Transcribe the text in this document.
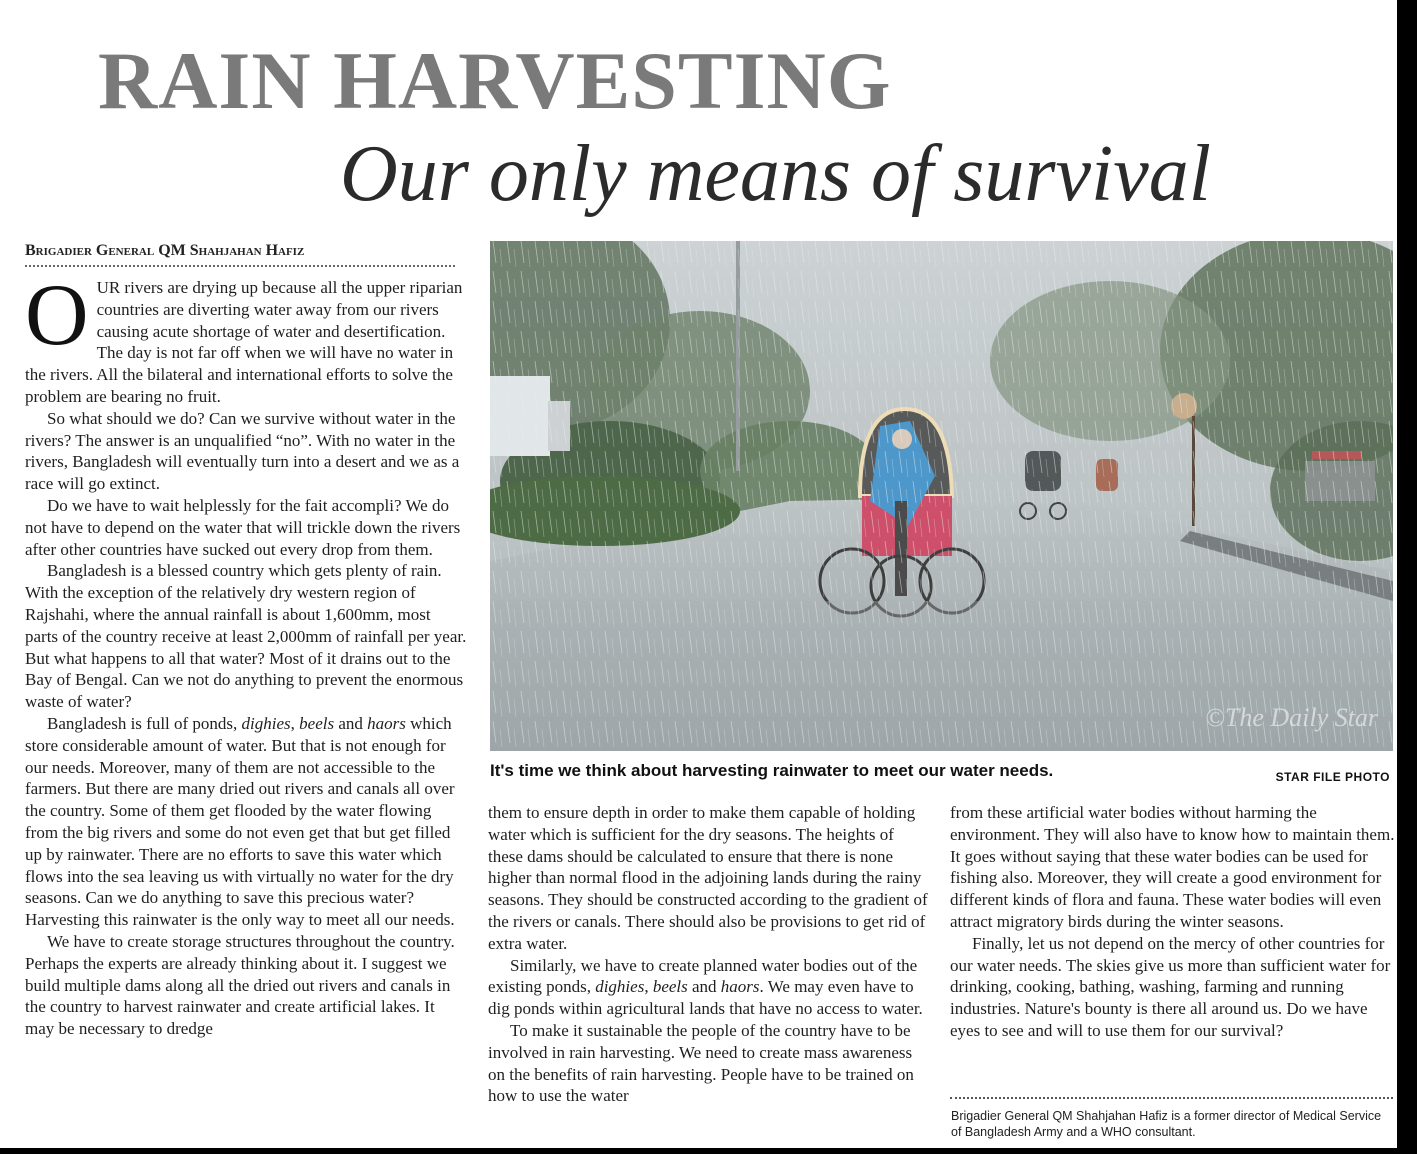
RAIN HARVESTING
Our only means of survival
Brigadier General QM Shahjahan Hafiz

OUR rivers are drying up because all the upper riparian countries are diverting water away from our rivers causing acute shortage of water and desertification. The day is not far off when we will have no water in the rivers. All the bilateral and international efforts to solve the problem are bearing no fruit.

So what should we do? Can we survive without water in the rivers? The answer is an unqualified “no”. With no water in the rivers, Bangladesh will eventually turn into a desert and we as a race will go extinct.

Do we have to wait helplessly for the fait accompli? We do not have to depend on the water that will trickle down the rivers after other countries have sucked out every drop from them.

Bangladesh is a blessed country which gets plenty of rain. With the exception of the relatively dry western region of Rajshahi, where the annual rainfall is about 1,600mm, most parts of the country receive at least 2,000mm of rainfall per year. But what happens to all that water? Most of it drains out to the Bay of Bengal. Can we not do anything to prevent the enormous waste of water?

Bangladesh is full of ponds, dighies, beels and haors which store considerable amount of water. But that is not enough for our needs. Moreover, many of them are not accessible to the farmers. But there are many dried out rivers and canals all over the country. Some of them get flooded by the water flowing from the big rivers and some do not even get that but get filled up by rainwater. There are no efforts to save this water which flows into the sea leaving us with virtually no water for the dry seasons. Can we do anything to save this precious water? Harvesting this rainwater is the only way to meet all our needs.

We have to create storage structures throughout the country. Perhaps the experts are already thinking about it. I suggest we build multiple dams along all the dried out rivers and canals in the country to harvest rainwater and create artificial lakes. It may be necessary to dredge

©The Daily Star
It's time we think about harvesting rainwater to meet our water needs.	STAR FILE PHOTO

them to ensure depth in order to make them capable of holding water which is sufficient for the dry seasons. The heights of these dams should be calculated to ensure that there is none higher than normal flood in the adjoining lands during the rainy seasons. They should be constructed according to the gradient of the rivers or canals. There should also be provisions to get rid of extra water.

Similarly, we have to create planned water bodies out of the existing ponds, dighies, beels and haors. We may even have to dig ponds within agricultural lands that have no access to water.

To make it sustainable the people of the country have to be involved in rain harvesting. We need to create mass awareness on the benefits of rain harvesting. People have to be trained on how to use the water

from these artificial water bodies without harming the environment. They will also have to know how to maintain them. It goes without saying that these water bodies can be used for fishing also. Moreover, they will create a good environment for different kinds of flora and fauna. These water bodies will even attract migratory birds during the winter seasons.

Finally, let us not depend on the mercy of other countries for our water needs. The skies give us more than sufficient water for drinking, cooking, bathing, washing, farming and running industries. Nature's bounty is there all around us. Do we have eyes to see and will to use them for our survival?

Brigadier General QM Shahjahan Hafiz is a former director of Medical Service of Bangladesh Army and a WHO consultant.
